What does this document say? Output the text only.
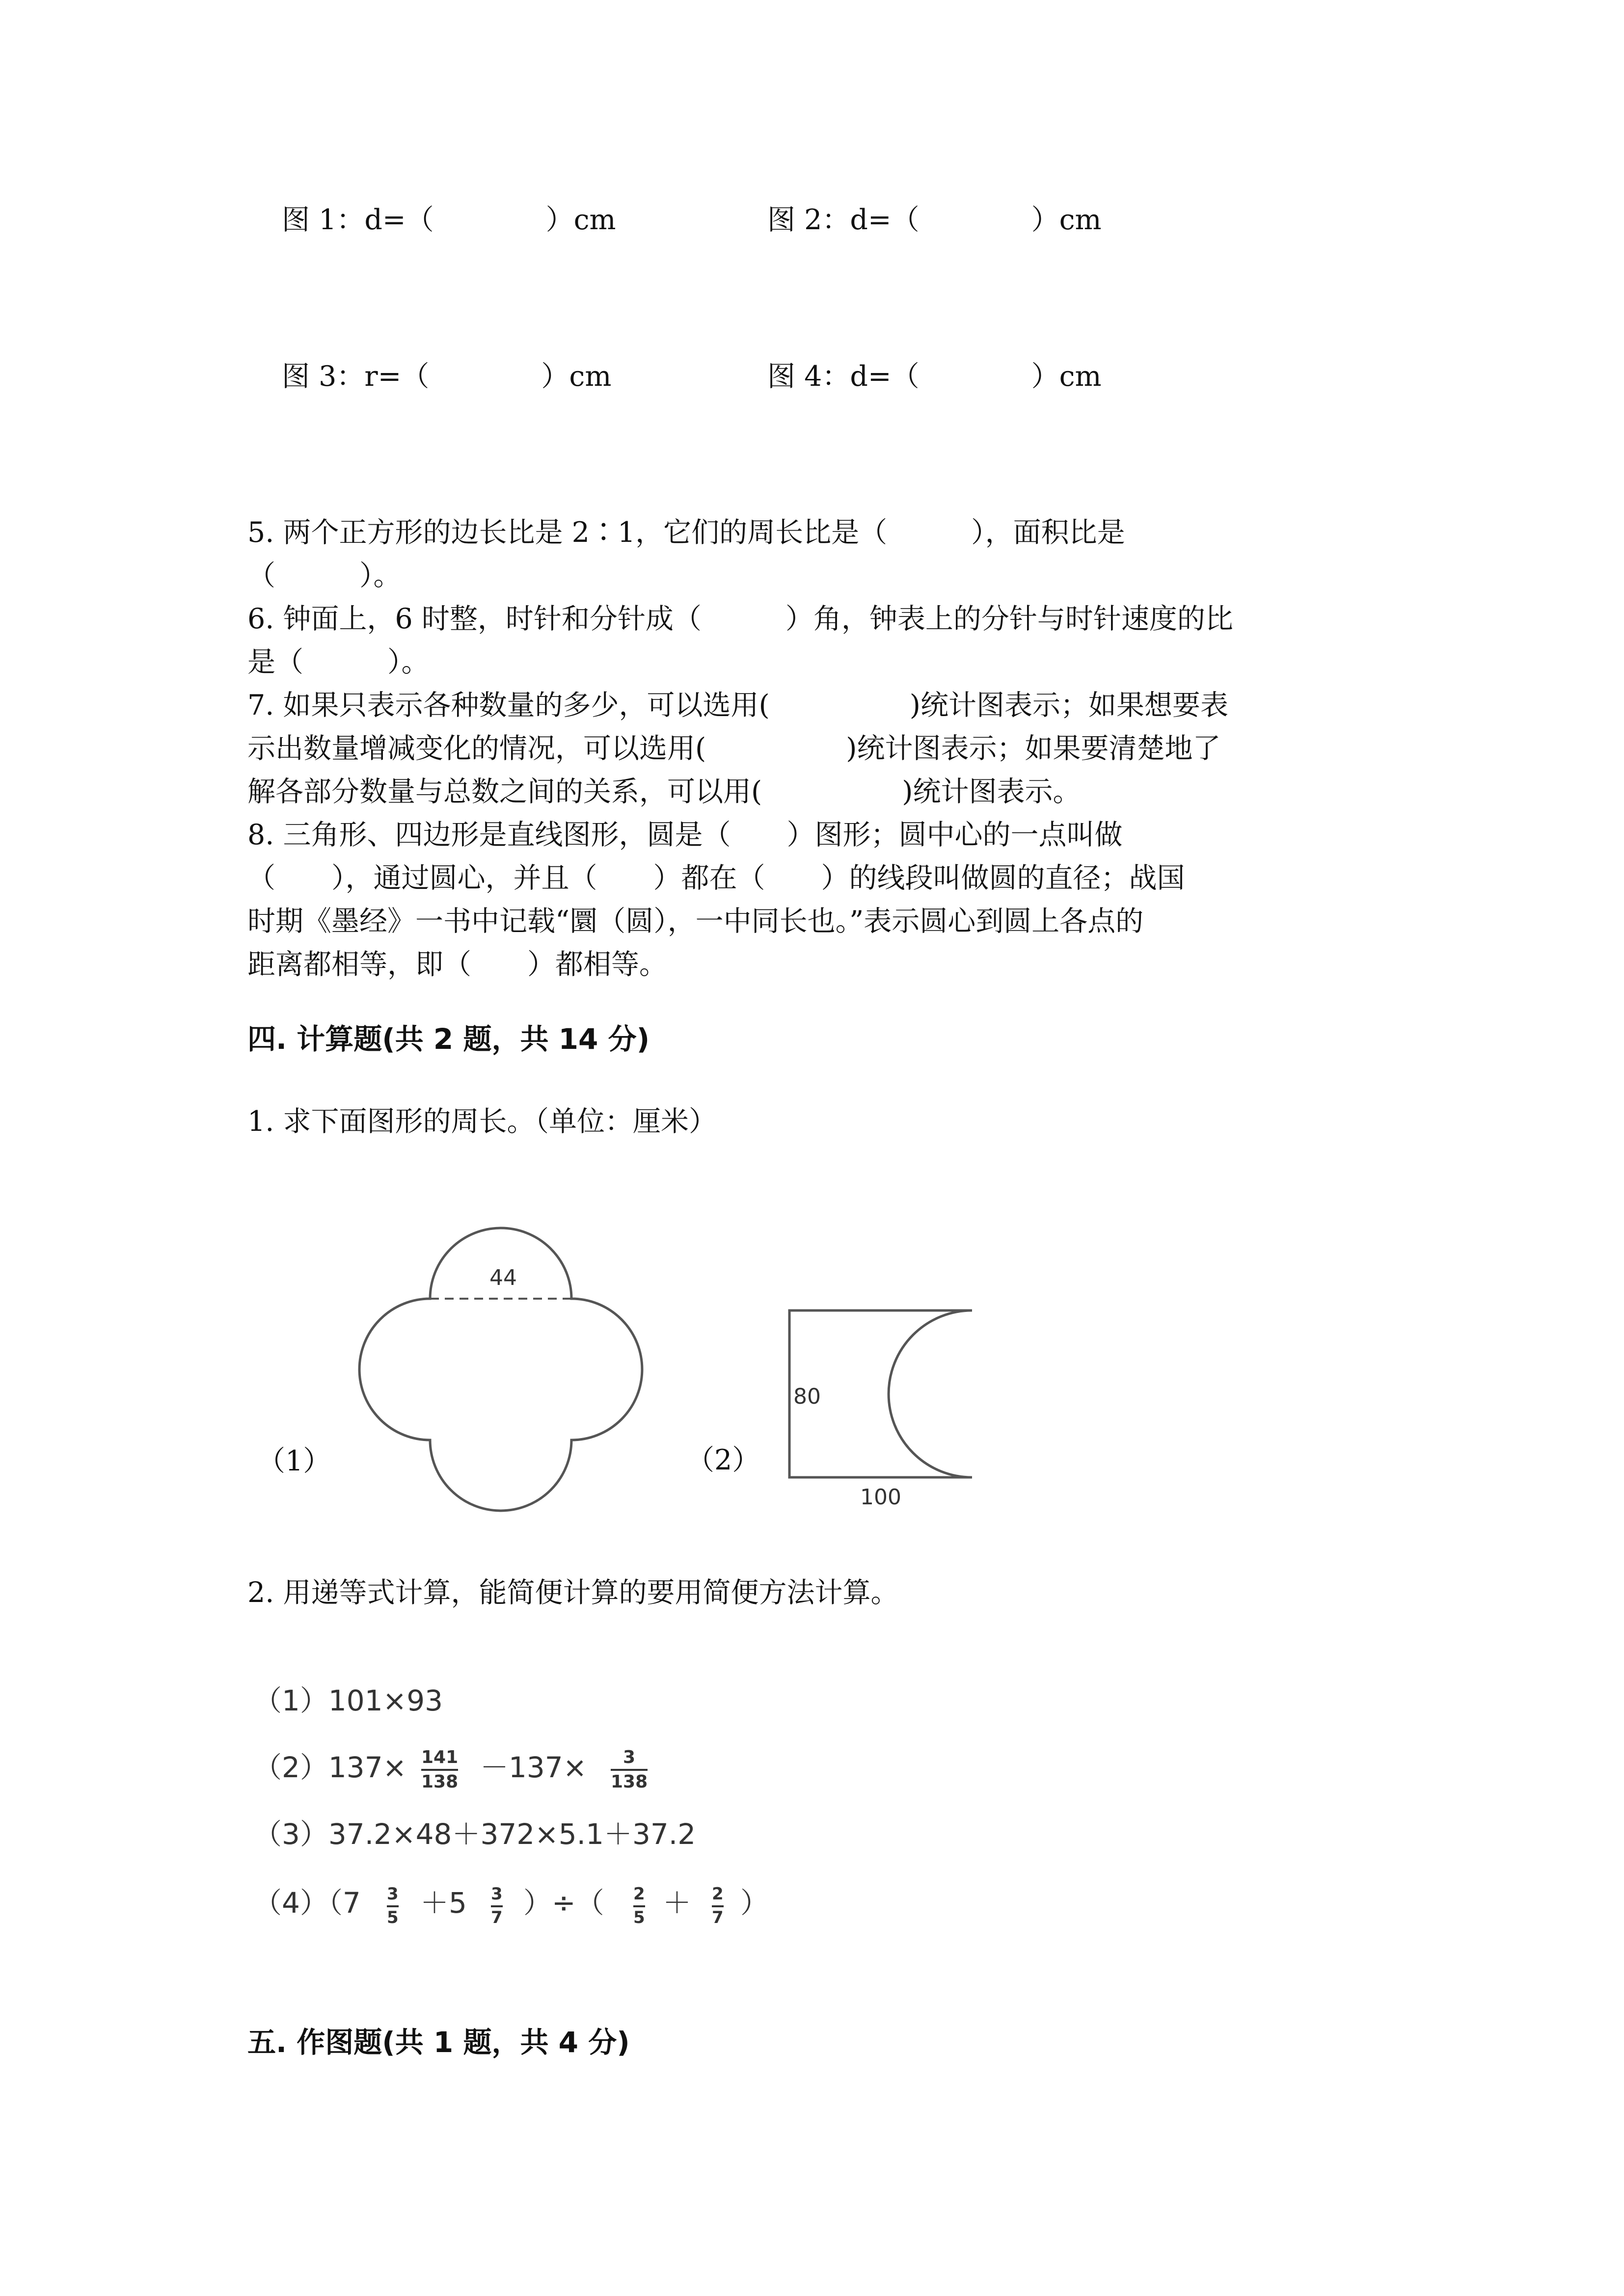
图 1：d=（　　　　）cm	图 2：d=（　　　　）cm
图 3：r=（　　　　）cm	图 4：d=（　　　　）cm
5. 两个正方形的边长比是 2∶1，它们的周长比是（　　　），面积比是
（　　　）。
6. 钟面上，6 时整，时针和分针成（　　　）角，钟表上的分针与时针速度的比
是（　　　）。
7. 如果只表示各种数量的多少，可以选用(　　　　　)统计图表示；如果想要表
示出数量增减变化的情况，可以选用(　　　　　)统计图表示；如果要清楚地了
解各部分数量与总数之间的关系，可以用(　　　　　)统计图表示。
8. 三角形、四边形是直线图形，圆是（　　）图形；圆中心的一点叫做
（　　），通过圆心，并且（　　）都在（　　）的线段叫做圆的直径；战国
时期《墨经》一书中记载“圜（圆），一中同长也。”表示圆心到圆上各点的
距离都相等，即（　　）都相等。
四. 计算题(共 2 题，共 14 分)
1. 求下面图形的周长。（单位：厘米）
（1）	（2）
44
80
100
2. 用递等式计算，能简便计算的要用简便方法计算。
（1）101×93
（2）137× 141
138 －137× 3
138
（3）37.2×48＋372×5.1＋37.2
（4）（7 3
5 ＋5 3
7 ）÷（ 2
5 ＋ 2
7 ）
五. 作图题(共 1 题，共 4 分)
